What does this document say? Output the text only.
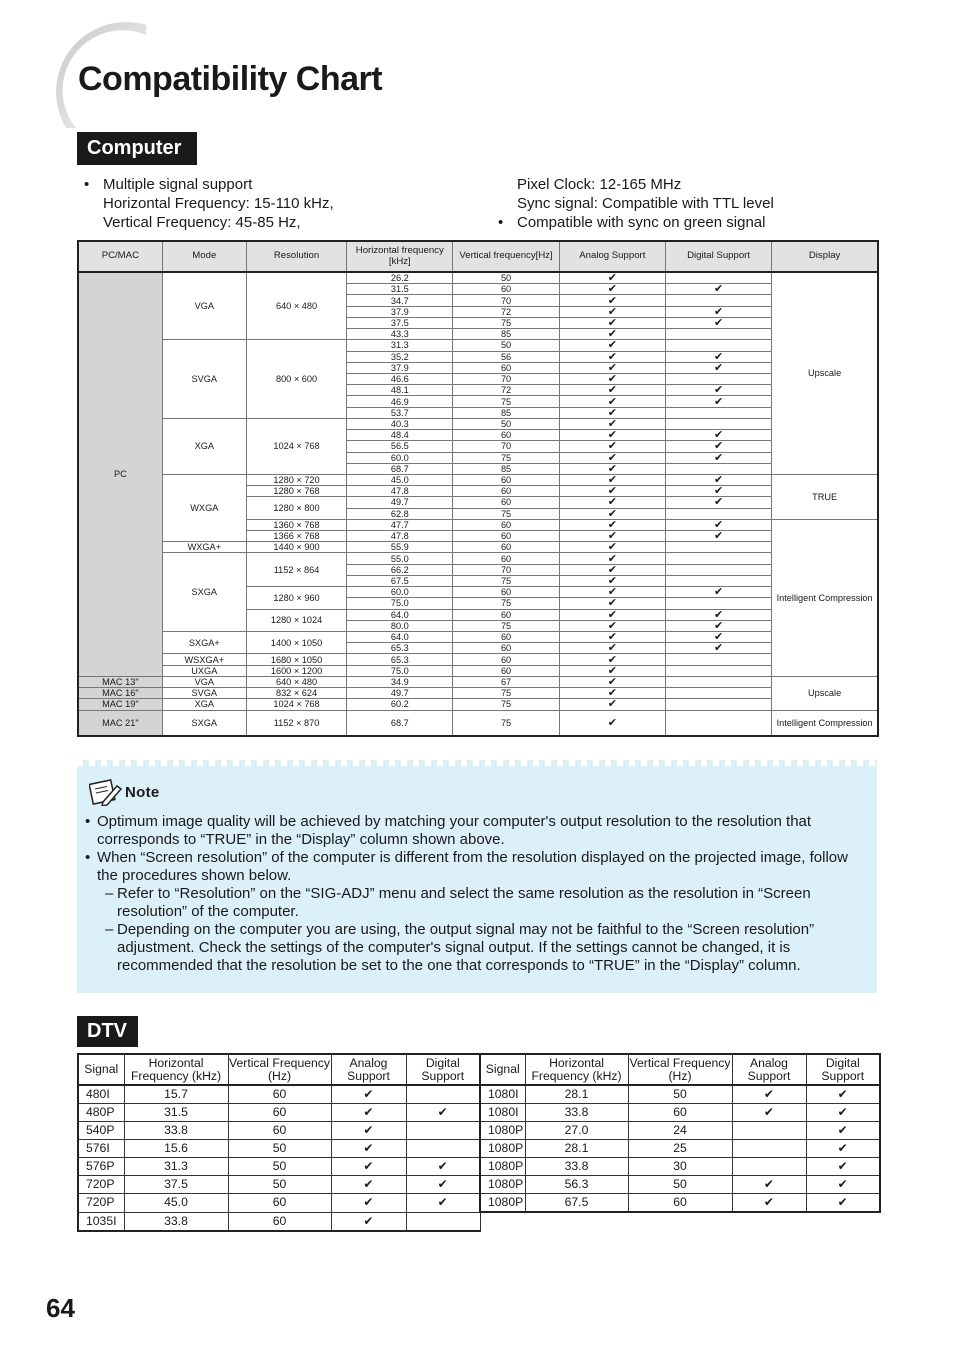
Compatibility Chart
Computer
• Multiple signal support
Horizontal Frequency: 15-110 kHz,
Vertical Frequency: 45-85 Hz,
Pixel Clock: 12-165 MHz
Sync signal: Compatible with TTL level
• Compatible with sync on green signal
PC/MAC	Mode	Resolution	Horizontal frequency [kHz]	Vertical frequency[Hz]	Analog Support	Digital Support	Display
PC	VGA	640 × 480	26.2	50	✔		Upscale
			31.5	60	✔	✔	
			34.7	70	✔		
			37.9	72	✔	✔	
			37.5	75	✔	✔	
			43.3	85	✔		
	SVGA	800 × 600	31.3	50	✔		
			35.2	56	✔	✔	
			37.9	60	✔	✔	
			46.6	70	✔		
			48.1	72	✔	✔	
			46.9	75	✔	✔	
			53.7	85	✔		
	XGA	1024 × 768	40.3	50	✔		
			48.4	60	✔	✔	
			56.5	70	✔	✔	
			60.0	75	✔	✔	
			68.7	85	✔		
	WXGA	1280 × 720	45.0	60	✔	✔	TRUE
		1280 × 768	47.8	60	✔	✔	
		1280 × 800	49.7	60	✔	✔	
			62.8	75	✔		
		1360 × 768	47.7	60	✔	✔	Intelligent Compression
		1366 × 768	47.8	60	✔	✔	
	WXGA+	1440 × 900	55.9	60	✔		
	SXGA	1152 × 864	55.0	60	✔		
			66.2	70	✔		
			67.5	75	✔		
		1280 × 960	60.0	60	✔	✔	
			75.0	75	✔		
		1280 × 1024	64.0	60	✔	✔	
			80.0	75	✔	✔	
	SXGA+	1400 × 1050	64.0	60	✔	✔	
			65.3	60	✔	✔	
	WSXGA+	1680 × 1050	65.3	60	✔		
	UXGA	1600 × 1200	75.0	60	✔		
MAC 13"	VGA	640 × 480	34.9	67	✔		Upscale
MAC 16"	SVGA	832 × 624	49.7	75	✔		
MAC 19"	XGA	1024 × 768	60.2	75	✔		
MAC 21"	SXGA	1152 × 870	68.7	75	✔		Intelligent Compression
Note
• Optimum image quality will be achieved by matching your computer's output resolution to the resolution that corresponds to “TRUE” in the “Display” column shown above.
• When “Screen resolution” of the computer is different from the resolution displayed on the projected image, follow the procedures shown below.
– Refer to “Resolution” on the “SIG-ADJ” menu and select the same resolution as the resolution in “Screen resolution” of the computer.
– Depending on the computer you are using, the output signal may not be faithful to the “Screen resolution” adjustment. Check the settings of the computer's signal output. If the settings cannot be changed, it is recommended that the resolution be set to the one that corresponds to “TRUE” in the “Display” column.
DTV
Signal	Horizontal Frequency (kHz)	Vertical Frequency (Hz)	Analog Support	Digital Support	Signal	Horizontal Frequency (kHz)	Vertical Frequency (Hz)	Analog Support	Digital Support
480I	15.7	60	✔		1080I	28.1	50	✔	✔
480P	31.5	60	✔	✔	1080I	33.8	60	✔	✔
540P	33.8	60	✔		1080P	27.0	24		✔
576I	15.6	50	✔		1080P	28.1	25		✔
576P	31.3	50	✔	✔	1080P	33.8	30		✔
720P	37.5	50	✔	✔	1080P	56.3	50	✔	✔
720P	45.0	60	✔	✔	1080P	67.5	60	✔	✔
1035I	33.8	60	✔						
64
